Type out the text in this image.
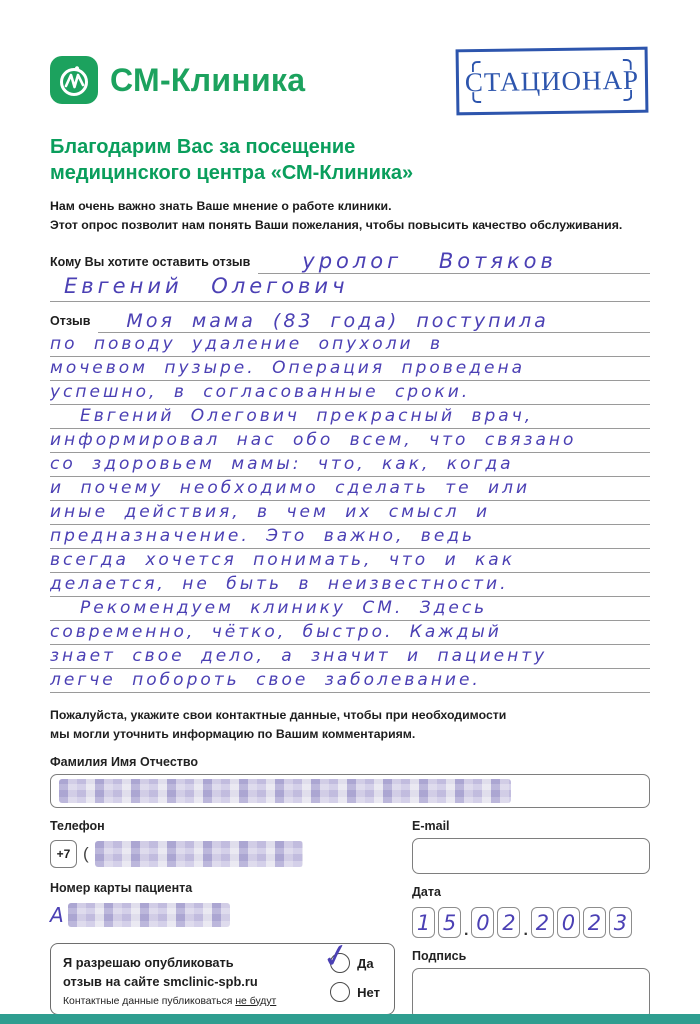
СТАЦИОНАР
СМ-Клиника
Благодарим Вас за посещение
медицинского центра «СМ-Клиника»
Нам очень важно знать Ваше мнение о работе клиники.
Этот опрос позволит нам понять Ваши пожелания, чтобы повысить качество обслуживания.
Кому Вы хотите оставить отзыв	уролог Вотяков
Евгений Олегович
Отзыв	Моя мама (83 года) поступила
по поводу удаление опухоли в
мочевом пузыре. Операция проведена
успешно, в согласованные сроки.
Евгений Олегович прекрасный врач,
информировал нас обо всем, что связано
со здоровьем мамы: что, как, когда
и почему необходимо сделать те или
иные действия, в чем их смысл и
предназначение. Это важно, ведь
всегда хочется понимать, что и как
делается, не быть в неизвестности.
Рекомендуем клинику СМ. Здесь
современно, чётко, быстро. Каждый
знает свое дело, а значит и пациенту
легче побороть свое заболевание.
Пожалуйста, укажите свои контактные данные, чтобы при необходимости
мы могли уточнить информацию по Вашим комментариям.
Фамилия Имя Отчество
Телефон
+7 (
Номер карты пациента
А
Я разрешаю опубликовать
отзыв на сайте smclinic-spb.ru
Контактные данные публиковаться не будут
✓ Да
Нет
E-mail
Дата
1 5 . 0 2 . 2 0 2 3
Подпись
